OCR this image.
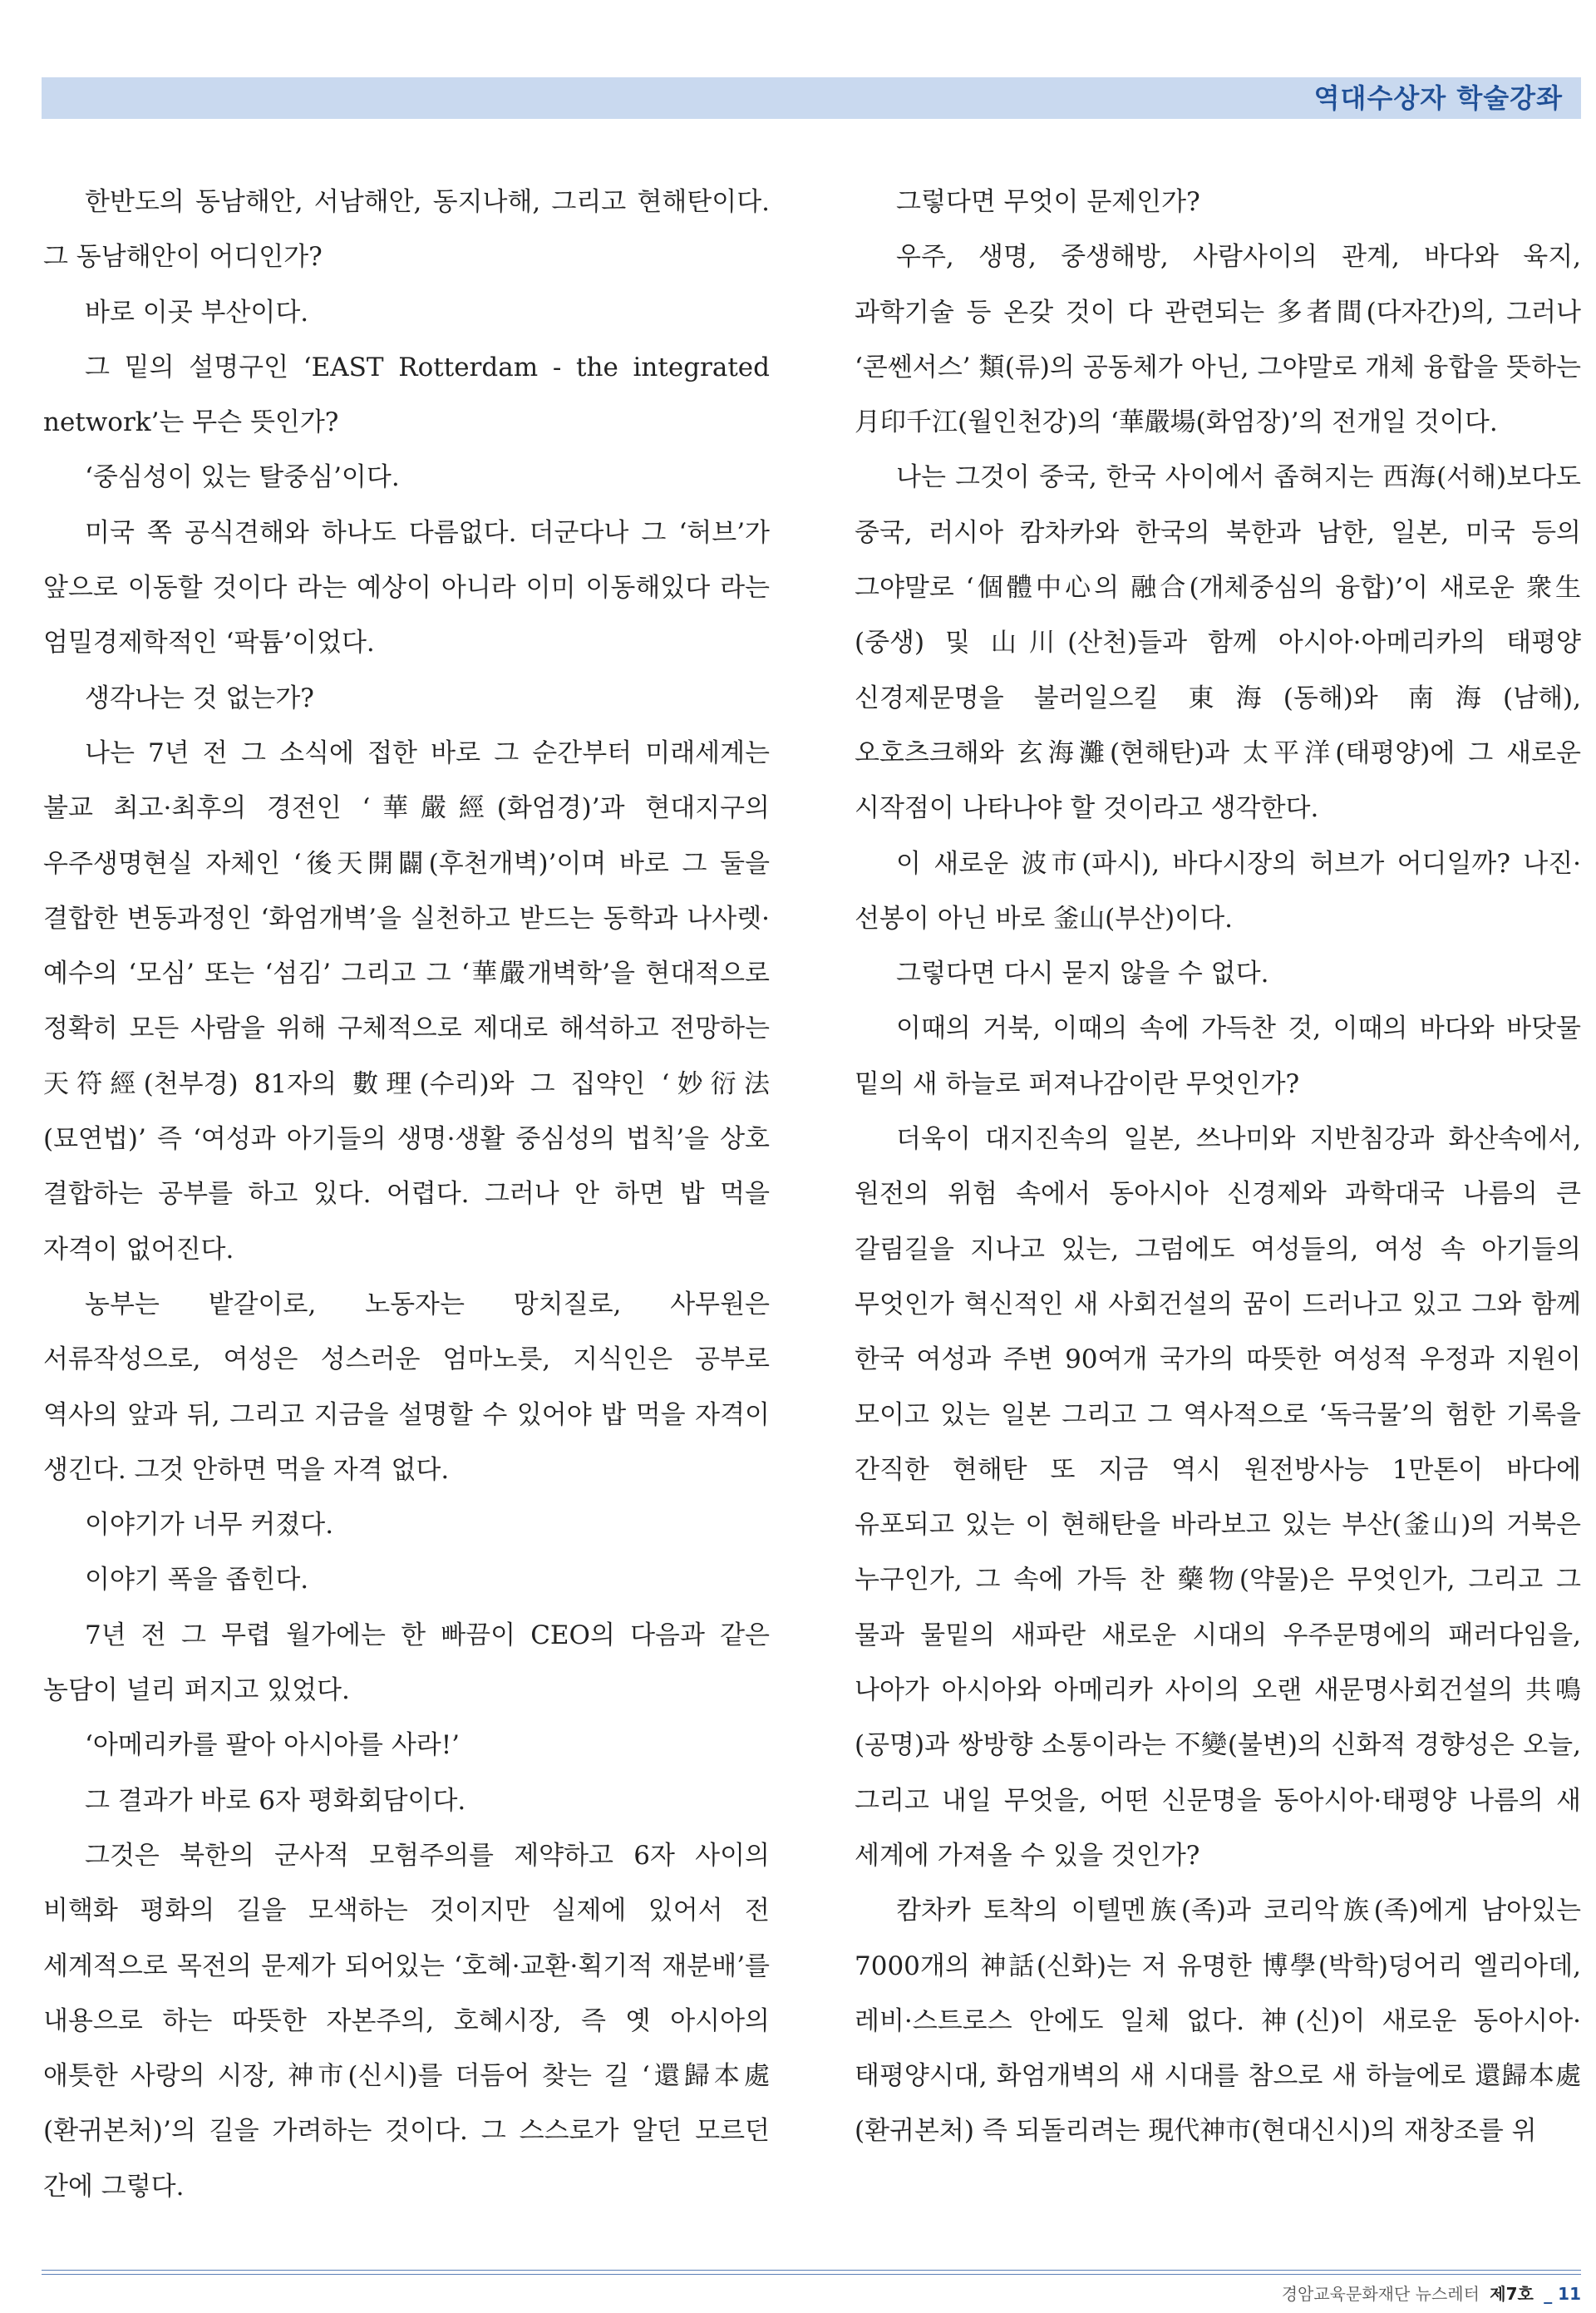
역대수상자 학술강좌

한반도의 동남해안, 서남해안, 동지나해, 그리고 현해탄이다. 그 동남해안이 어디인가?

바로 이곳 부산이다.

그 밑의 설명구인 ‘EAST Rotterdam - the integrated network’는 무슨 뜻인가?

‘중심성이 있는 탈중심’이다.

미국 쪽 공식견해와 하나도 다름없다. 더군다나 그 ‘허브’가 앞으로 이동할 것이다 라는 예상이 아니라 이미 이동해있다 라는 엄밀경제학적인 ‘팍튬’이었다.

생각나는 것 없는가?

나는 7년 전 그 소식에 접한 바로 그 순간부터 미래세계는 불교 최고·최후의 경전인 ‘華嚴經(화엄경)’과 현대지구의 우주생명현실 자체인 ‘後天開闢(후천개벽)’이며 바로 그 둘을 결합한 변동과정인 ‘화엄개벽’을 실천하고 받드는 동학과 나사렛·예수의 ‘모심’ 또는 ‘섬김’ 그리고 그 ‘華嚴개벽학’을 현대적으로 정확히 모든 사람을 위해 구체적으로 제대로 해석하고 전망하는 天符經(천부경) 81자의 數理(수리)와 그 집약인 ‘妙衍法(묘연법)’ 즉 ‘여성과 아기들의 생명·생활 중심성의 법칙’을 상호 결합하는 공부를 하고 있다. 어렵다. 그러나 안 하면 밥 먹을 자격이 없어진다.

농부는 밭갈이로, 노동자는 망치질로, 사무원은 서류작성으로, 여성은 성스러운 엄마노릇, 지식인은 공부로 역사의 앞과 뒤, 그리고 지금을 설명할 수 있어야 밥 먹을 자격이 생긴다. 그것 안하면 먹을 자격 없다.

이야기가 너무 커졌다.

이야기 폭을 좁힌다.

7년 전 그 무렵 월가에는 한 빠끔이 CEO의 다음과 같은 농담이 널리 퍼지고 있었다.

‘아메리카를 팔아 아시아를 사라!’

그 결과가 바로 6자 평화회담이다.

그것은 북한의 군사적 모험주의를 제약하고 6자 사이의 비핵화 평화의 길을 모색하는 것이지만 실제에 있어서 전 세계적으로 목전의 문제가 되어있는 ‘호혜·교환·획기적 재분배’를 내용으로 하는 따뜻한 자본주의, 호혜시장, 즉 옛 아시아의 애틋한 사랑의 시장, 神市(신시)를 더듬어 찾는 길 ‘還歸本處(환귀본처)’의 길을 가려하는 것이다. 그 스스로가 알던 모르던 간에 그렇다.

그렇다면 무엇이 문제인가?

우주, 생명, 중생해방, 사람사이의 관계, 바다와 육지, 과학기술 등 온갖 것이 다 관련되는 多者間(다자간)의, 그러나 ‘콘쎈서스’ 類(류)의 공동체가 아닌, 그야말로 개체 융합을 뜻하는 月印千江(월인천강)의 ‘華嚴場(화엄장)’의 전개일 것이다.

나는 그것이 중국, 한국 사이에서 좁혀지는 西海(서해)보다도 중국, 러시아 캄차카와 한국의 북한과 남한, 일본, 미국 등의 그야말로 ‘個體中心의 融合(개체중심의 융합)’이 새로운 衆生(중생) 및 山川(산천)들과 함께 아시아·아메리카의 태평양 신경제문명을 불러일으킬 東海(동해)와 南海(남해), 오호츠크해와 玄海灘(현해탄)과 太平洋(태평양)에 그 새로운 시작점이 나타나야 할 것이라고 생각한다.

이 새로운 波市(파시), 바다시장의 허브가 어디일까? 나진·선봉이 아닌 바로 釜山(부산)이다.

그렇다면 다시 묻지 않을 수 없다.

이때의 거북, 이때의 속에 가득찬 것, 이때의 바다와 바닷물 밑의 새 하늘로 퍼져나감이란 무엇인가?

더욱이 대지진속의 일본, 쓰나미와 지반침강과 화산속에서, 원전의 위험 속에서 동아시아 신경제와 과학대국 나름의 큰 갈림길을 지나고 있는, 그럼에도 여성들의, 여성 속 아기들의 무엇인가 혁신적인 새 사회건설의 꿈이 드러나고 있고 그와 함께 한국 여성과 주변 90여개 국가의 따뜻한 여성적 우정과 지원이 모이고 있는 일본 그리고 그 역사적으로 ‘독극물’의 험한 기록을 간직한 현해탄 또 지금 역시 원전방사능 1만톤이 바다에 유포되고 있는 이 현해탄을 바라보고 있는 부산(釜山)의 거북은 누구인가, 그 속에 가득 찬 藥物(약물)은 무엇인가, 그리고 그 물과 물밑의 새파란 새로운 시대의 우주문명에의 패러다임을, 나아가 아시아와 아메리카 사이의 오랜 새문명사회건설의 共鳴(공명)과 쌍방향 소통이라는 不變(불변)의 신화적 경향성은 오늘, 그리고 내일 무엇을, 어떤 신문명을 동아시아·태평양 나름의 새 세계에 가져올 수 있을 것인가?

캄차카 토착의 이텔멘族(족)과 코리악族(족)에게 남아있는 7000개의 神話(신화)는 저 유명한 博學(박학)덩어리 엘리아데, 레비·스트로스 안에도 일체 없다. 神(신)이 새로운 동아시아·태평양시대, 화엄개벽의 새 시대를 참으로 새 하늘에로 還歸本處(환귀본처) 즉 되돌리려는 現代神市(현대신시)의 재창조를 위

경암교육문화재단 뉴스레터 제7호 _ 11
